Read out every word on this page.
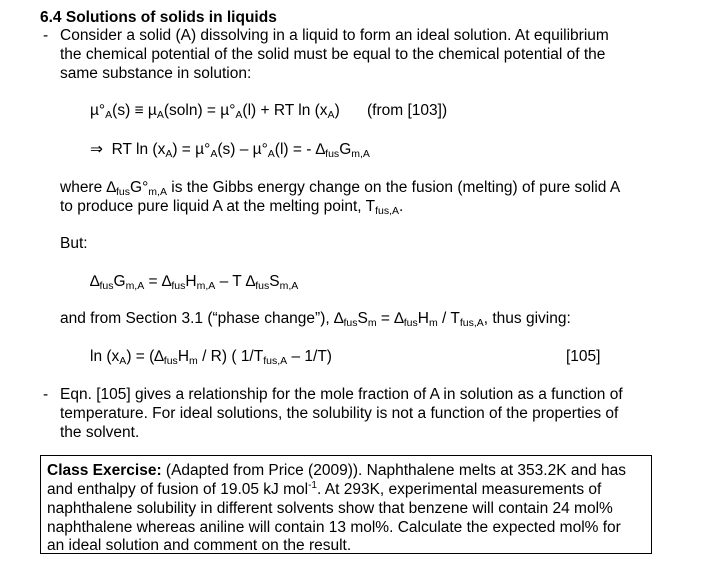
6.4 Solutions of solids in liquids
- Consider a solid (A) dissolving in a liquid to form an ideal solution. At equilibrium
the chemical potential of the solid must be equal to the chemical potential of the
same substance in solution:
µ°A(s) ≡ µA(soln) = µ°A(l) + RT ln (xA) (from [103])
⇒ RT ln (xA) = µ°A(s) – µ°A(l) = - ∆fusGm,A
where ∆fusG°m,A is the Gibbs energy change on the fusion (melting) of pure solid A
to produce pure liquid A at the melting point, Tfus,A.
But:
∆fusGm,A = ∆fusHm,A – T ∆fusSm,A
and from Section 3.1 (“phase change”), ∆fusSm = ∆fusHm / Tfus,A, thus giving:
ln (xA) = (∆fusHm / R) ( 1/Tfus,A – 1/T)	[105]
- Eqn. [105] gives a relationship for the mole fraction of A in solution as a function of
temperature. For ideal solutions, the solubility is not a function of the properties of
the solvent.
Class Exercise: (Adapted from Price (2009)). Naphthalene melts at 353.2K and has
and enthalpy of fusion of 19.05 kJ mol$^{-1}$. At 293K, experimental measurements of
naphthalene solubility in different solvents show that benzene will contain 24 mol%
naphthalene whereas aniline will contain 13 mol%. Calculate the expected mol% for
an ideal solution and comment on the result.
